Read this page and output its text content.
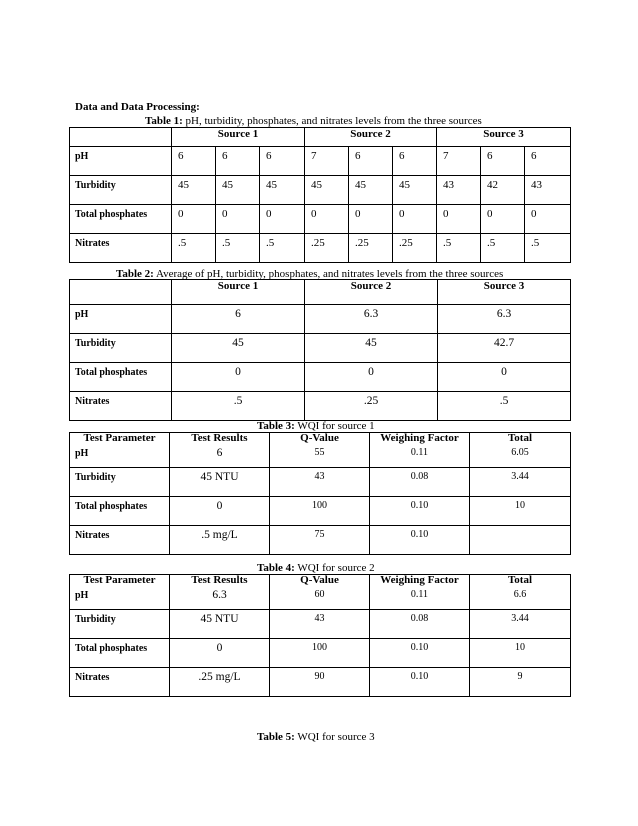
Data and Data Processing:
Table 1: pH, turbidity, phosphates, and nitrates levels from the three sources
	Source 1			Source 2			Source 3		
pH	6	6	6	7	6	6	7	6	6
Turbidity	45	45	45	45	45	45	43	42	43
Total phosphates	0	0	0	0	0	0	0	0	0
Nitrates	.5	.5	.5	.25	.25	.25	.5	.5	.5
Table 2: Average of pH, turbidity, phosphates, and nitrates levels from the three sources
	Source 1	Source 2	Source 3
pH	6	6.3	6.3
Turbidity	45	45	42.7
Total phosphates	0	0	0
Nitrates	.5	.25	.5
Table 3: WQI for source 1
Test Parameter	Test Results	Q-Value	Weighing Factor	Total
pH	6	55	0.11	6.05
Turbidity	45 NTU	43	0.08	3.44
Total phosphates	0	100	0.10	10
Nitrates	.5 mg/L	75	0.10	
Table 4: WQI for source 2
Test Parameter	Test Results	Q-Value	Weighing Factor	Total
pH	6.3	60	0.11	6.6
Turbidity	45 NTU	43	0.08	3.44
Total phosphates	0	100	0.10	10
Nitrates	.25 mg/L	90	0.10	9
Table 5: WQI for source 3
